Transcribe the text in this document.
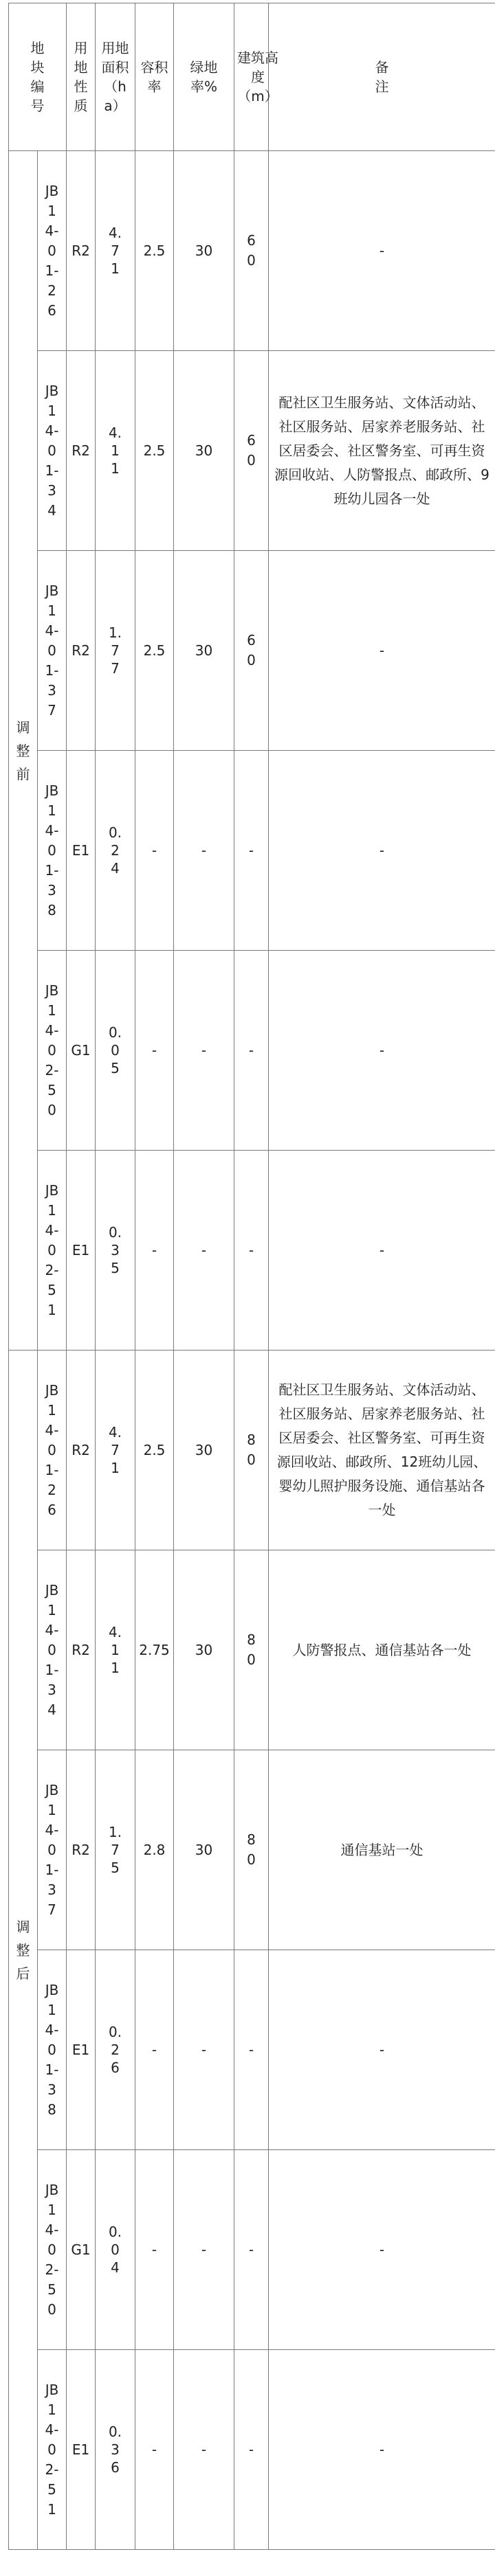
地块编号		用地性质	用地面积（ha）	容积率	绿地率%	建筑高度（m）	备注

调整前	JB14-01-26	R2	4.71	2.5	30	60	-

	JB14-01-34	R2	4.11	2.5	30	60	配社区卫生服务站、文体活动站、社区服务站、居家养老服务站、社区居委会、社区警务室、可再生资源回收站、人防警报点、邮政所、9班幼儿园各一处

	JB14-01-37	R2	1.77	2.5	30	60	-

	JB14-01-38	E1	0.24	-	-	-	-

	JB14-02-50	G1	0.05	-	-	-	-

	JB14-02-51	E1	0.35	-	-	-	-

调整后	JB14-01-26	R2	4.71	2.5	30	80	配社区卫生服务站、文体活动站、社区服务站、居家养老服务站、社区居委会、社区警务室、可再生资源回收站、邮政所、12班幼儿园、婴幼儿照护服务设施、通信基站各一处

	JB14-01-34	R2	4.11	2.75	30	80	人防警报点、通信基站各一处

	JB14-01-37	R2	1.75	2.8	30	80	通信基站一处

	JB14-01-38	E1	0.26	-	-	-	-

	JB14-02-50	G1	0.04	-	-	-	-

	JB14-02-51	E1	0.36	-	-	-	-
